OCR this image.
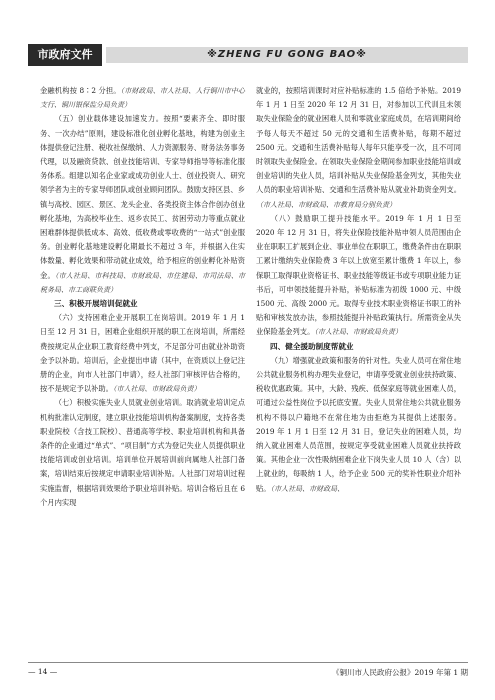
市政府文件	※ZHENG FU GONG BAO※

金融机构按 8∶2 分担。（市财政局、市人社局、人行铜川市中心支行、铜川银保监分局负责）

（五）创业载体建设加速发力。按照“要素齐全、即时服务、一次办结”原则，建设标准化创业孵化基地，构建为创业主体提供登记注册、税收社保缴纳、人力资源服务、财务法务事务代理，以及融资贷款、创业技能培训、专家导师指导等标准化服务体系。组建以知名企业家或成功创业人士、创业投资人、研究领学者为主的专家导师团队或创业顾问团队。鼓励支持区县、乡镇与高校、园区、景区、龙头企业、各类投资主体合作创办创业孵化基地，为高校毕业生、返乡农民工、贫困劳动力等重点就业困难群体提供低成本、高效、低收费或零收费的“一站式”创业服务。创业孵化基地建设孵化期最长不超过 3 年，并根据入住实体数量、孵化效果和带动就业成效，给予相应的创业孵化补贴资金。（市人社局、市科技局、市财政局、市住建局、市司法局、市税务局、市工商联负责）

三、积极开展培训促就业

（六）支持困难企业开展职工在岗培训。2019 年 1 月 1 日至 12 月 31 日，困难企业组织开展的职工在岗培训，所需经费按规定从企业职工教育经费中列支，不足部分可由就业补助资金予以补助。培训后，企业提出申请（其中，在资质以上登记注册的企业，向市人社部门申请），经人社部门审核评估合格的，按不是规定予以补助。（市人社局、市财政局负责）

（七）积极实施失业人员就业创业培训。取消就业培训定点机构批准认定制度，建立职业技能培训机构备案制度，支持各类职业院校（含技工院校）、普通高等学校、职业培训机构和具备条件的企业通过“单式”、“项目制”方式为登记失业人员提供职业技能培训或创业培训。培训单位开展培训前向属地人社部门备案，培训结束后按规定申请职业培训补贴。人社部门对培训过程实施监督，根据培训效果给予职业培训补贴。培训合格后且在 6 个月内实现

就业的，按照培训课时对应补贴标准的 1.5 倍给予补贴。2019 年 1 月 1 日至 2020 年 12 月 31 日，对参加以工代训且未领取失业保险金的就业困难人员和零就业家庭成员，在培训期间给予每人每天不超过 50 元的交通和生活费补贴，每期不超过 2500 元。交通和生活费补贴每人每年只能享受一次，且不可同时领取失业保险金。在领取失业保险金期间参加职业技能培训或创业培训的失业人员，培训补贴从失业保险基金列支，其他失业人员的职业培训补贴、交通和生活费补贴从就业补助资金列支。（市人社局、市财政局、市教育局分别负责）

（八）鼓励职工提升技能水平。2019 年 1 月 1 日至 2020 年 12 月 31 日，将失业保险技能补贴申领人员范围由企业在职职工扩展到企业、事业单位在职职工，缴费条件由在职职工累计缴纳失业保险费 3 年以上放宽至累计缴费 1 年以上，参保职工取得职业资格证书、职业技能等级证书或专项职业能力证书后，可申领技能提升补贴，补贴标准为初级 1000 元、中级 1500 元、高级 2000 元。取得专业技术职业资格证书职工的补贴和审核发放办法，参照技能提升补贴政策执行。所需资金从失业保险基金列支。（市人社局、市财政局负责）

四、健全援助制度帮就业

（九）增强就业政策和服务的针对性。失业人员可在常住地公共就业服务机构办理失业登记，申请享受就业创业扶持政策、税收优惠政策。其中，大龄、残疾、低保家庭等就业困难人员，可通过公益性岗位予以托底安置。失业人员常住地公共就业服务机构不得以户籍地不在常住地为由拒绝为其提供上述服务。2019 年 1 月 1 日至 12 月 31 日，登记失业的困难人员，均纳入就业困难人员范围，按规定享受就业困难人员就业扶持政策。其他企业一次性吸纳困难企业下岗失业人员 10 人（含）以上就业的，每吸纳 1 人，给予企业 500 元的奖补性职业介绍补贴。（市人社局、市财政局、

— 14 —	《铜川市人民政府公报》2019 年第 1 期
